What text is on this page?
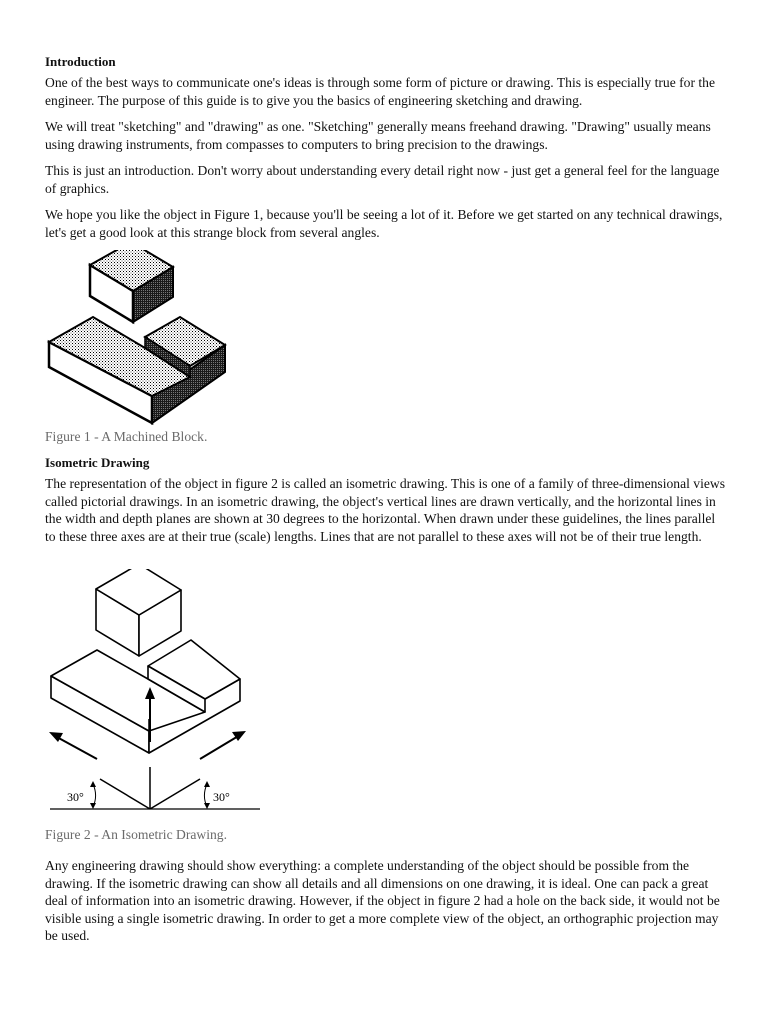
Introduction

One of the best ways to communicate one's ideas is through some form of picture or drawing. This is especially true for the engineer. The purpose of this guide is to give you the basics of engineering sketching and drawing.

We will treat "sketching" and "drawing" as one. "Sketching" generally means freehand drawing. "Drawing" usually means using drawing instruments, from compasses to computers to bring precision to the drawings.

This is just an introduction. Don't worry about understanding every detail right now - just get a general feel for the language of graphics.

We hope you like the object in Figure 1, because you'll be seeing a lot of it. Before we get started on any technical drawings, let's get a good look at this strange block from several angles.

Figure 1 - A Machined Block.
Isometric Drawing

The representation of the object in figure 2 is called an isometric drawing. This is one of a family of three-dimensional views called pictorial drawings. In an isometric drawing, the object's vertical lines are drawn vertically, and the horizontal lines in the width and depth planes are shown at 30 degrees to the horizontal. When drawn under these guidelines, the lines parallel to these three axes are at their true (scale) lengths. Lines that are not parallel to these axes will not be of their true length.

30°	30°
Figure 2 - An Isometric Drawing.

Any engineering drawing should show everything: a complete understanding of the object should be possible from the drawing. If the isometric drawing can show all details and all dimensions on one drawing, it is ideal. One can pack a great deal of information into an isometric drawing. However, if the object in figure 2 had a hole on the back side, it would not be visible using a single isometric drawing. In order to get a more complete view of the object, an orthographic projection may be used.
